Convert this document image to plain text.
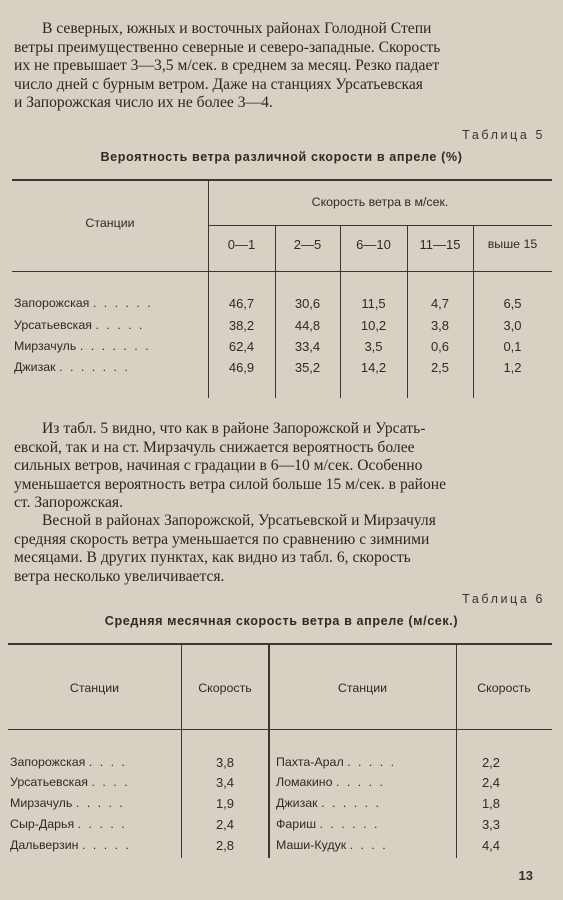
В северных, южных и восточных районах Голодной Степи
ветры преимущественно северные и северо-западные. Скорость
их не превышает 3—3,5 м/сек. в среднем за месяц. Резко падает
число дней с бурным ветром. Даже на станциях Урсатьевская
и Запорожская число их не более 3—4.

Таблица 5
Вероятность ветра различной скорости в апреле (%)
Станции
Скорость ветра в м/сек.
0—1	2—5	6—10	11—15	выше 15
Запорожская . . . . . .	46,7	30,6	11,5	4,7	6,5
Урсатьевская . . . . .	38,2	44,8	10,2	3,8	3,0
Мирзачуль . . . . . . .	62,4	33,4	3,5	0,6	0,1
Джизак . . . . . . .	46,9	35,2	14,2	2,5	1,2

Из табл. 5 видно, что как в районе Запорожской и Урсать-
евской, так и на ст. Мирзачуль снижается вероятность более
сильных ветров, начиная с градации в 6—10 м/сек. Особенно
уменьшается вероятность ветра силой больше 15 м/сек. в районе
ст. Запорожская.

Весной в районах Запорожской, Урсатьевской и Мирзачуля
средняя скорость ветра уменьшается по сравнению с зимними
месяцами. В других пунктах, как видно из табл. 6, скорость
ветра несколько увеличивается.

Таблица 6
Средняя месячная скорость ветра в апреле (м/сек.)
Станции	Скорость	Станции	Скорость
Запорожская . . . .	3,8	Пахта-Арал . . . . .	2,2
Урсатьевская . . . .	3,4	Ломакино . . . . .	2,4
Мирзачуль . . . . .	1,9	Джизак . . . . . .	1,8
Сыр-Дарья . . . . .	2,4	Фариш . . . . . .	3,3
Дальверзин . . . . .	2,8	Маши-Кудук . . . .	4,4
13
